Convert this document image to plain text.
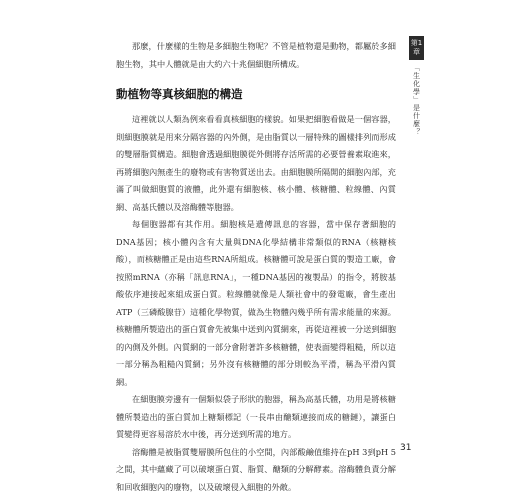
那麼，什麼樣的生物是多細胞生物呢？不管是植物還是動物，都屬於多細胞生物，其中人體就是由大約六十兆個細胞所構成。

動植物等真核細胞的構造

這裡就以人類為例來看看真核細胞的樣貌。如果把細胞看做是一個容器，則細胞膜就是用來分隔容器的內外側，是由脂質以一層特殊的圖樣排列而形成的雙層脂質構造。細胞會透過細胞膜從外側將存活所需的必要營養素取進來，再將細胞內無產生的廢物或有害物質送出去。由細胞膜所隔開的細胞內部，充滿了叫做細胞質的液體，此外還有細胞核、核小體、核糖體、粒線體、內質網、高基氏體以及溶酶體等胞器。

每個胞器都有其作用。細胞核是遺傳訊息的容器，當中保存著細胞的DNA基因；核小體內含有大量與DNA化學結構非常類似的RNA（核糖核酸），而核糖體正是由這些RNA所組成。核糖體可說是蛋白質的製造工廠，會按照mRNA（亦稱「訊息RNA」，一種DNA基因的複製品）的指令，將胺基酸依序連接起來組成蛋白質。粒線體就像是人類社會中的發電廠，會生產出ATP（三磷酸腺苷）這種化學物質，做為生物體內幾乎所有需求能量的來源。核糖體所製造出的蛋白質會先被集中送到內質網來，再從這裡被一分送到細胞的內側及外側。內質網的一部分會附著許多核糖體，使表面變得粗糙，所以這一部分稱為粗糙內質網；另外沒有核糖體的部分則較為平滑，稱為平滑內質網。

在細胞膜旁邊有一個類似袋子形狀的胞器，稱為高基氏體，功用是將核糖體所製造出的蛋白質加上糖類標記（一長串由醣類連接而成的糖鏈），讓蛋白質變得更容易溶於水中後，再分送到所需的地方。

溶酶體是被脂質雙層膜所包住的小空間，內部酸鹼值維持在pH 3到pH 5之間，其中蘊藏了可以破壞蛋白質、脂質、醣類的分解酵素。溶酶體負責分解和回收細胞內的廢物，以及破壞侵入細胞的外敵。

第1章
「生化學」是什麼？
31
